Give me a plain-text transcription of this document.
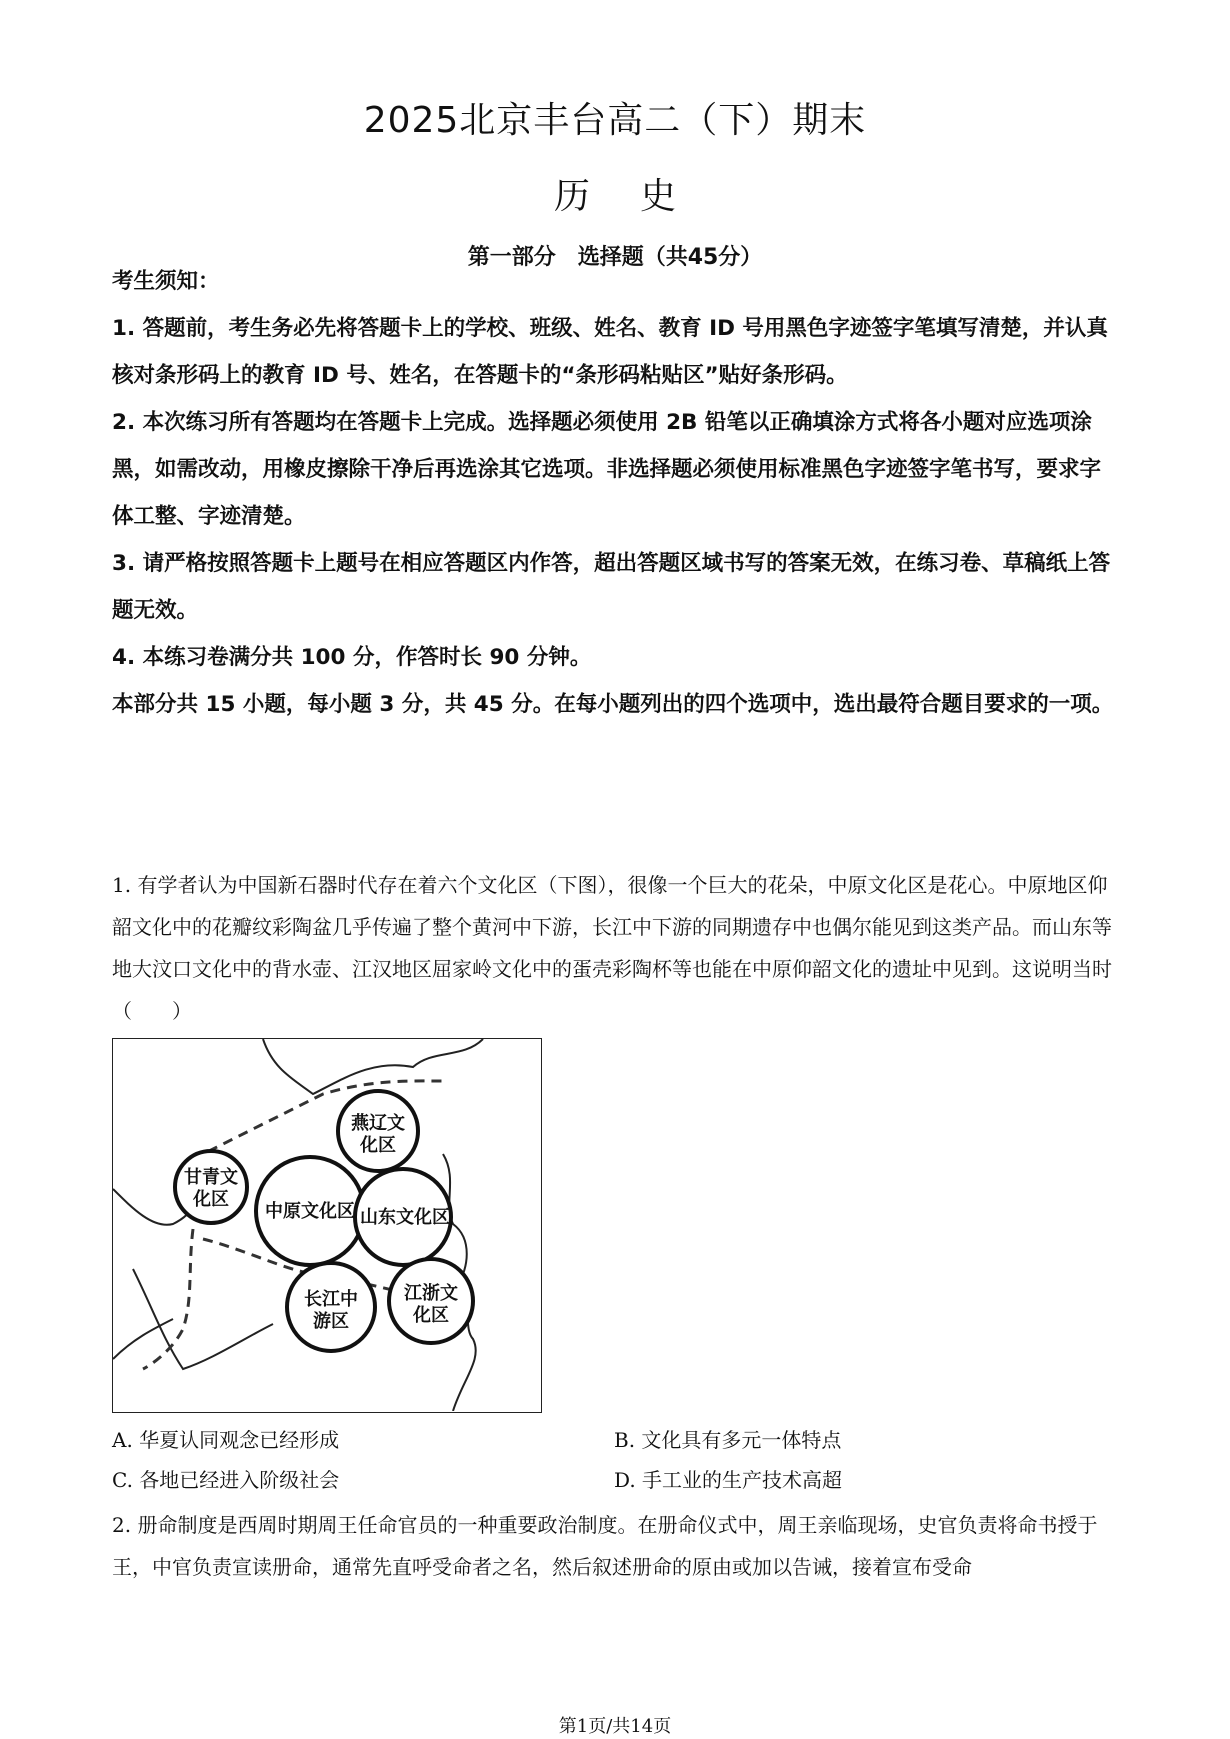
2025北京丰台高二（下）期末
历史
第一部分　选择题（共45分）

考生须知：

1. 答题前，考生务必先将答题卡上的学校、班级、姓名、教育 ID 号用黑色字迹签字笔填写清楚，并认真核对条形码上的教育 ID 号、姓名，在答题卡的“条形码粘贴区”贴好条形码。

2. 本次练习所有答题均在答题卡上完成。选择题必须使用 2B 铅笔以正确填涂方式将各小题对应选项涂黑，如需改动，用橡皮擦除干净后再选涂其它选项。非选择题必须使用标准黑色字迹签字笔书写，要求字体工整、字迹清楚。

3. 请严格按照答题卡上题号在相应答题区内作答，超出答题区域书写的答案无效，在练习卷、草稿纸上答题无效。

4. 本练习卷满分共 100 分，作答时长 90 分钟。

本部分共 15 小题，每小题 3 分，共 45 分。在每小题列出的四个选项中，选出最符合题目要求的一项。

1. 有学者认为中国新石器时代存在着六个文化区（下图），很像一个巨大的花朵，中原文化区是花心。中原地区仰韶文化中的花瓣纹彩陶盆几乎传遍了整个黄河中下游，长江中下游的同期遗存中也偶尔能见到这类产品。而山东等地大汶口文化中的背水壶、江汉地区屈家岭文化中的蛋壳彩陶杯等也能在中原仰韶文化的遗址中见到。这说明当时（　　）

燕辽文
化区
甘青文
化区
中原文化区 山东文化区
长江中
游区
江浙文
化区
A. 华夏认同观念已经形成	B. 文化具有多元一体特点
C. 各地已经进入阶级社会	D. 手工业的生产技术高超

2. 册命制度是西周时期周王任命官员的一种重要政治制度。在册命仪式中，周王亲临现场，史官负责将命书授于王，中官负责宣读册命，通常先直呼受命者之名，然后叙述册命的原由或加以告诫，接着宣布受命

第1页/共14页
